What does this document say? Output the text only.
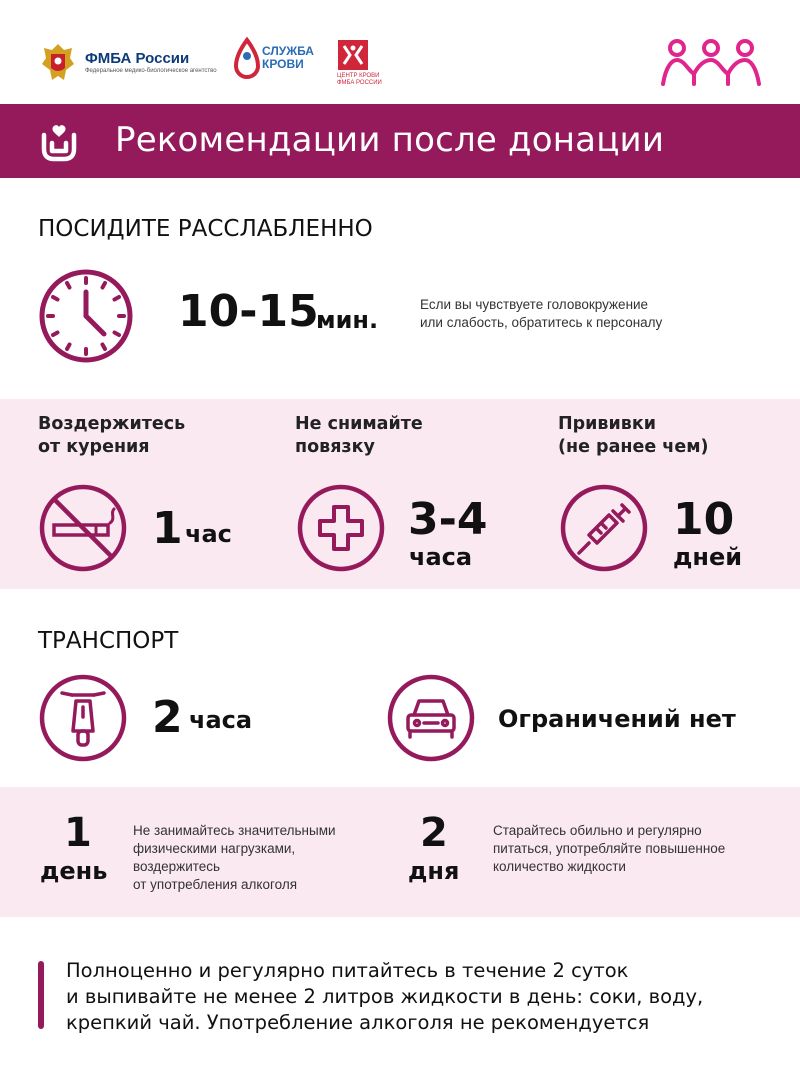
ФМБА России
Федеральное медико-биологическое агентство
СЛУЖБА
КРОВИ
ЦЕНТР КРОВИ
ФМБА РОССИИ
Рекомендации после донации
ПОСИДИТЕ РАССЛАБЛЕННО
10-15
мин.
Если вы чувствуете головокружение
или слабость, обратитесь к персоналу
Воздержитесь
от курения
1 час
Не снимайте
повязку
3-4
часа
Прививки
(не ранее чем)
10
дней
ТРАНСПОРТ
2 часа	Ограничений нет
1
день
Не занимайтесь значительными
физическими нагрузками,
воздержитесь
от употребления алкоголя
2
дня
Старайтесь обильно и регулярно
питаться, употребляйте повышенное
количество жидкости
Полноценно и регулярно питайтесь в течение 2 суток
и выпивайте не менее 2 литров жидкости в день: соки, воду,
крепкий чай. Употребление алкоголя не рекомендуется
